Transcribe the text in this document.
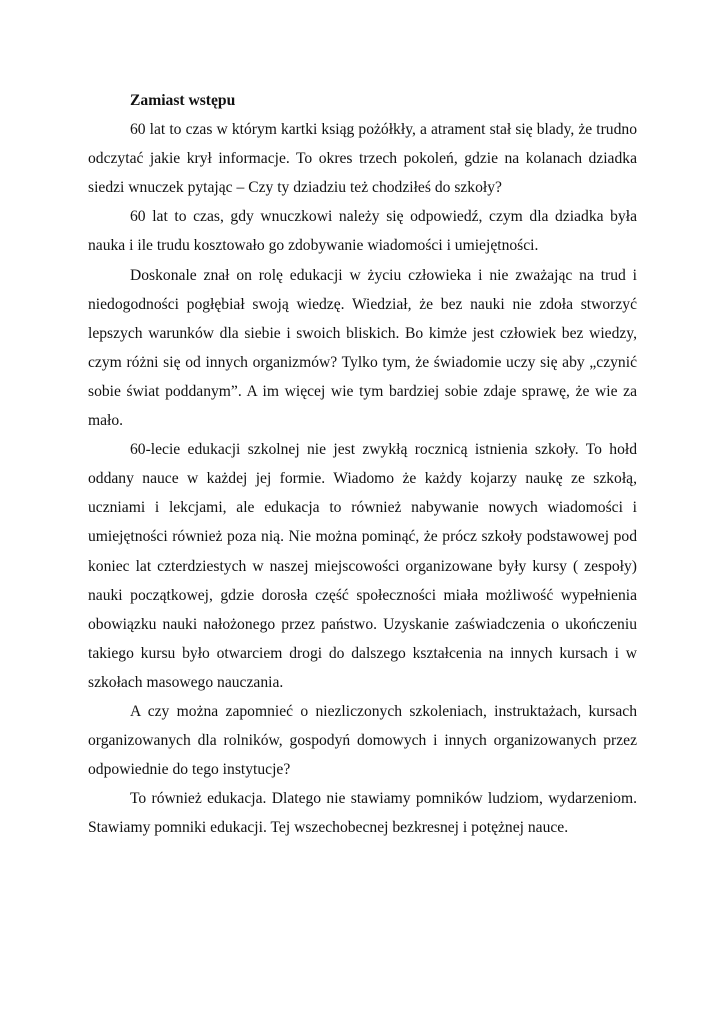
Zamiast wstępu

60 lat to czas w którym kartki ksiąg pożółkły, a atrament stał się blady, że trudno odczytać jakie krył informacje. To okres trzech pokoleń, gdzie na kolanach dziadka siedzi wnuczek pytając – Czy ty dziadziu też chodziłeś do szkoły?

60 lat to czas, gdy wnuczkowi należy się odpowiedź, czym dla dziadka była nauka i ile trudu kosztowało go zdobywanie wiadomości i umiejętności.

Doskonale znał on rolę edukacji w życiu człowieka i nie zważając na trud i niedogodności pogłębiał swoją wiedzę. Wiedział, że bez nauki nie zdoła stworzyć lepszych warunków dla siebie i swoich bliskich. Bo kimże jest człowiek bez wiedzy, czym różni się od innych organizmów? Tylko tym, że świadomie uczy się aby „czynić sobie świat poddanym”. A im więcej wie tym bardziej sobie zdaje sprawę, że wie za mało.

60-lecie edukacji szkolnej nie jest zwykłą rocznicą istnienia szkoły. To hołd oddany nauce w każdej jej formie. Wiadomo że każdy kojarzy naukę ze szkołą, uczniami i lekcjami, ale edukacja to również nabywanie nowych wiadomości i umiejętności również poza nią. Nie można pominąć, że prócz szkoły podstawowej pod koniec lat czterdziestych w naszej miejscowości organizowane były kursy ( zespoły) nauki początkowej, gdzie dorosła część społeczności miała możliwość wypełnienia obowiązku nauki nałożonego przez państwo. Uzyskanie zaświadczenia o ukończeniu takiego kursu było otwarciem drogi do dalszego kształcenia na innych kursach i w szkołach masowego nauczania.

A czy można zapomnieć o niezliczonych szkoleniach, instruktażach, kursach organizowanych dla rolników, gospodyń domowych i innych organizowanych przez odpowiednie do tego instytucje?

To również edukacja. Dlatego nie stawiamy pomników ludziom, wydarzeniom. Stawiamy pomniki edukacji. Tej wszechobecnej bezkresnej i potężnej nauce.
